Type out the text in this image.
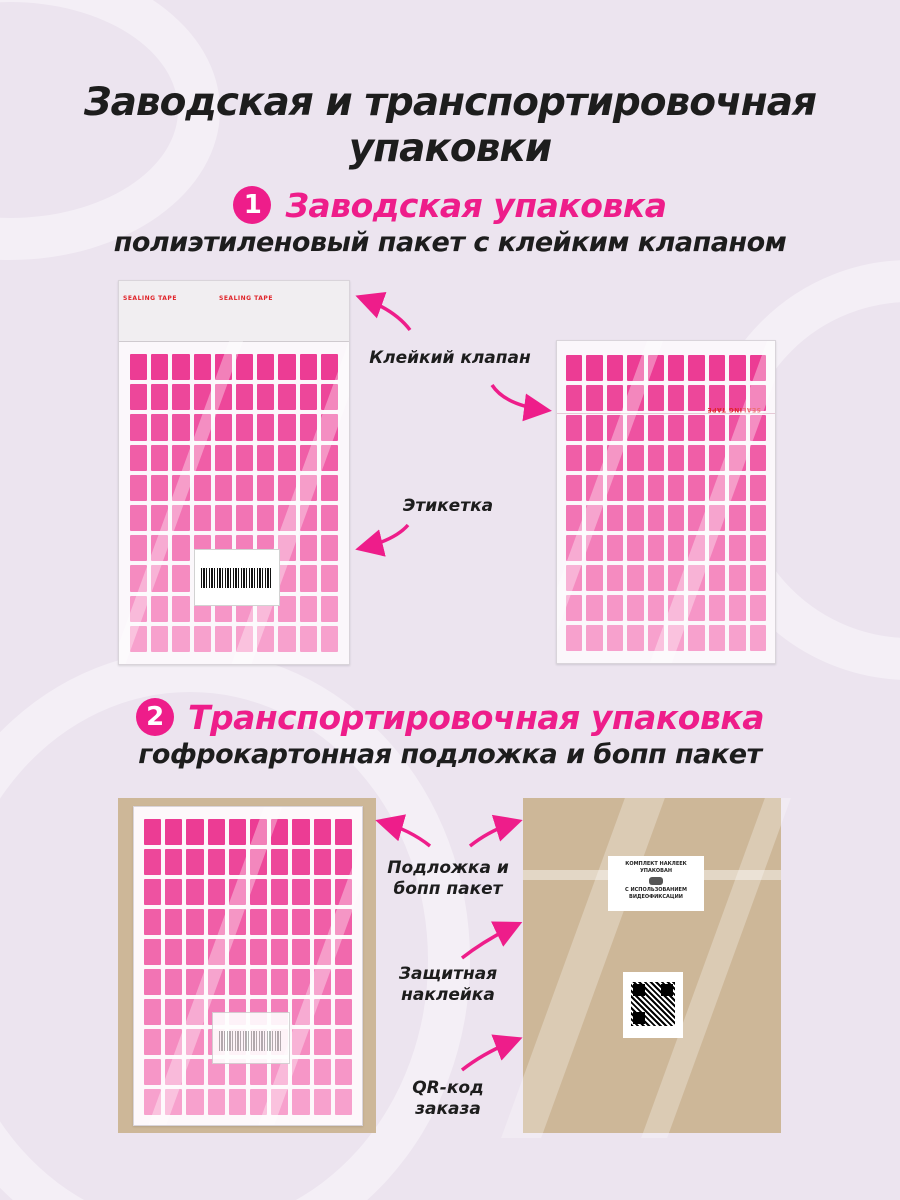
Заводская и транспортировочная
упаковки
1 Заводская упаковка
полиэтиленовый пакет с клейким клапаном
SEALING TAPE	SEALING TAPE
SEALING TAPE
Клейкий клапан
Этикетка
2 Транспортировочная упаковка
гофрокартонная подложка и бопп пакет
КОМПЛЕКТ НАКЛЕЕК
УПАКОВАН
С ИСПОЛЬЗОВАНИЕМ
ВИДЕОФИКСАЦИИ
Подложка и
бопп пакет
Защитная
наклейка
QR-код
заказа
